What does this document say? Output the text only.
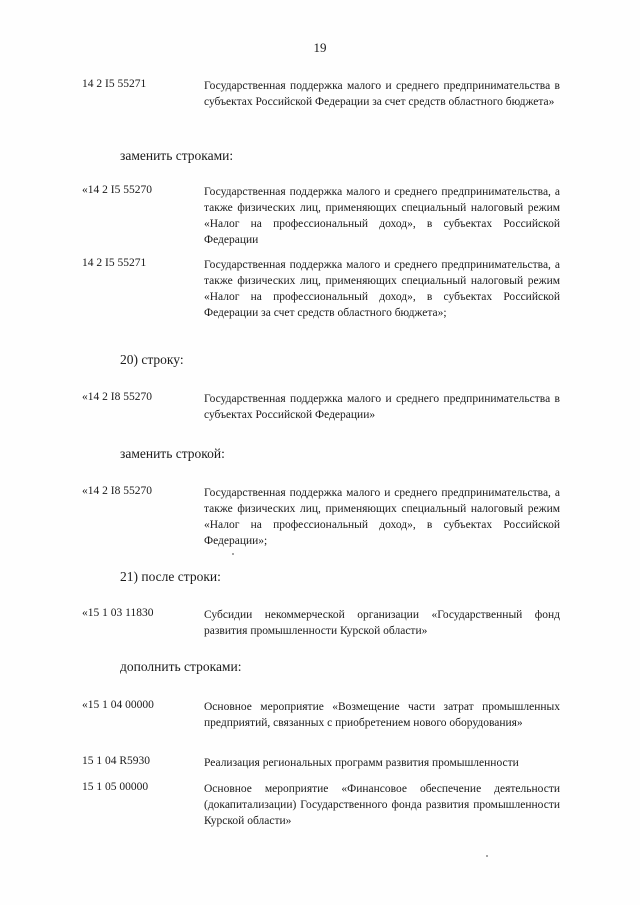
19
14 2 I5 55271	Государственная поддержка малого и среднего предпринимательства в субъектах Российской Федерации за счет средств областного бюджета»
заменить строками:
«14 2 I5 55270	Государственная поддержка малого и среднего предпринимательства, а также физических лиц, применяющих специальный налоговый режим «Налог на профессиональный доход», в субъектах Российской Федерации
14 2 I5 55271	Государственная поддержка малого и среднего предпринимательства, а также физических лиц, применяющих специальный налоговый режим «Налог на профессиональный доход», в субъектах Российской Федерации за счет средств областного бюджета»;
20) строку:
«14 2 I8 55270	Государственная поддержка малого и среднего предпринимательства в субъектах Российской Федерации»
заменить строкой:
«14 2 I8 55270	Государственная поддержка малого и среднего предпринимательства, а также физических лиц, применяющих специальный налоговый режим «Налог на профессиональный доход», в субъектах Российской Федерации»;
21) после строки:
«15 1 03 11830	Субсидии некоммерческой организации «Государственный фонд развития промышленности Курской области»
дополнить строками:
«15 1 04 00000	Основное мероприятие «Возмещение части затрат промышленных предприятий, связанных с приобретением нового оборудования»
15 1 04 R5930	Реализация региональных программ развития промышленности
15 1 05 00000	Основное мероприятие «Финансовое обеспечение деятельности (докапитализации) Государственного фонда развития промышленности Курской области»
